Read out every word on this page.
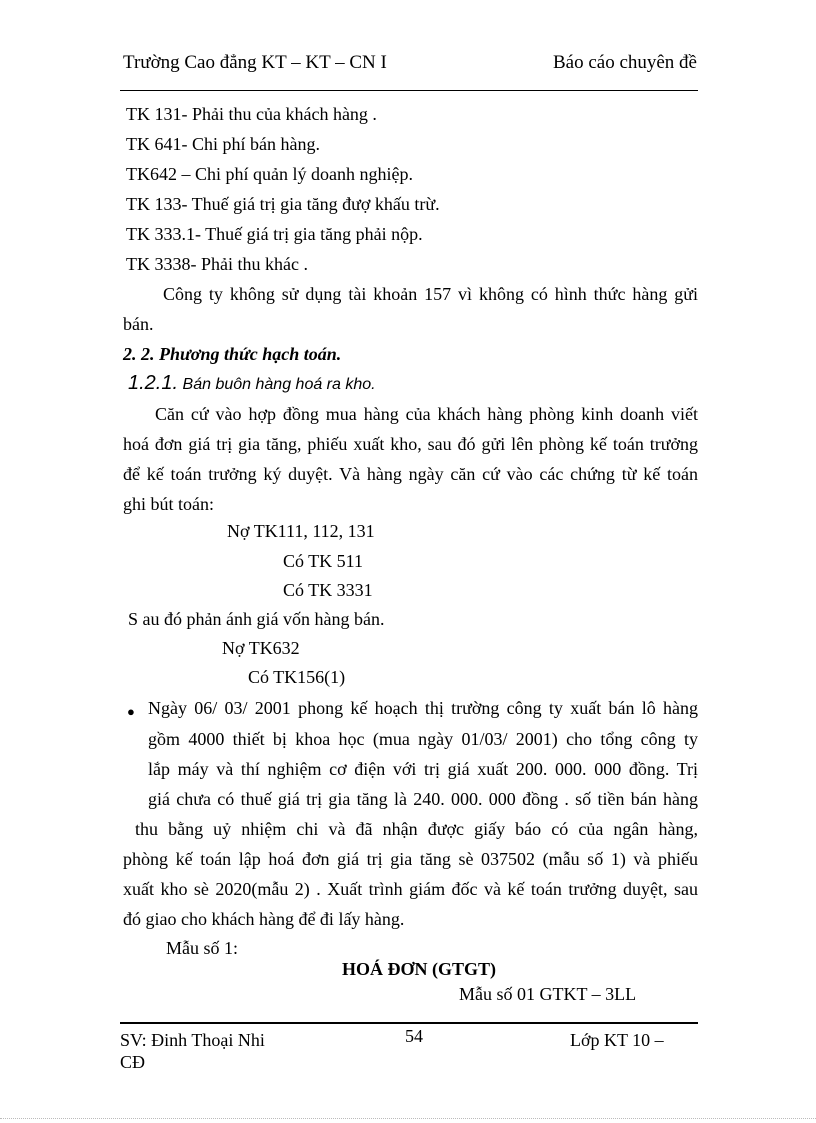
Trường Cao đẳng KT – KT – CN I	Báo cáo chuyên đề
TK 131- Phải thu của khách hàng .
TK 641- Chi phí bán hàng.
TK642 – Chi phí quản lý doanh nghiệp.
TK 133- Thuế giá trị gia tăng đượ khấu trừ.
TK 333.1- Thuế giá trị gia tăng phải nộp.
TK 3338- Phải thu khác .
Công ty không sử dụng tài khoản 157 vì không có hình thức hàng gửi
bán.
2. 2. Phương thức hạch toán.
1.2.1. Bán buôn hàng hoá ra kho.
Căn cứ vào hợp đồng mua hàng của khách hàng phòng kinh doanh viết
hoá đơn giá trị gia tăng, phiếu xuất kho, sau đó gửi lên phòng kế toán trưởng
để kế toán trưởng ký duyệt. Và hàng ngày căn cứ vào các chứng từ kế toán
ghi bút toán:
Nợ TK111, 112, 131
Có TK 511
Có TK 3331
S au đó phản ánh giá vốn hàng bán.
Nợ TK632
Có TK156(1)
● Ngày 06/ 03/ 2001 phong kế hoạch thị trường công ty xuất bán lô hàng
gồm 4000 thiết bị khoa học (mua ngày 01/03/ 2001) cho tổng công ty
lắp máy và thí nghiệm cơ điện với trị giá xuất 200. 000. 000 đồng. Trị
giá chưa có thuế giá trị gia tăng là 240. 000. 000 đồng . số tiền bán hàng
thu bằng uỷ nhiệm chi và đã nhận được giấy báo có của ngân hàng,
phòng kế toán lập hoá đơn giá trị gia tăng sè 037502 (mẫu số 1) và phiếu
xuất kho sè 2020(mẫu 2) . Xuất trình giám đốc và kế toán trưởng duyệt, sau
đó giao cho khách hàng để đi lấy hàng.
Mẫu số 1:
HOÁ ĐƠN (GTGT)
Mẫu số 01 GTKT – 3LL
SV: Đinh Thoại Nhi
CĐ
54	Lớp KT 10 –
